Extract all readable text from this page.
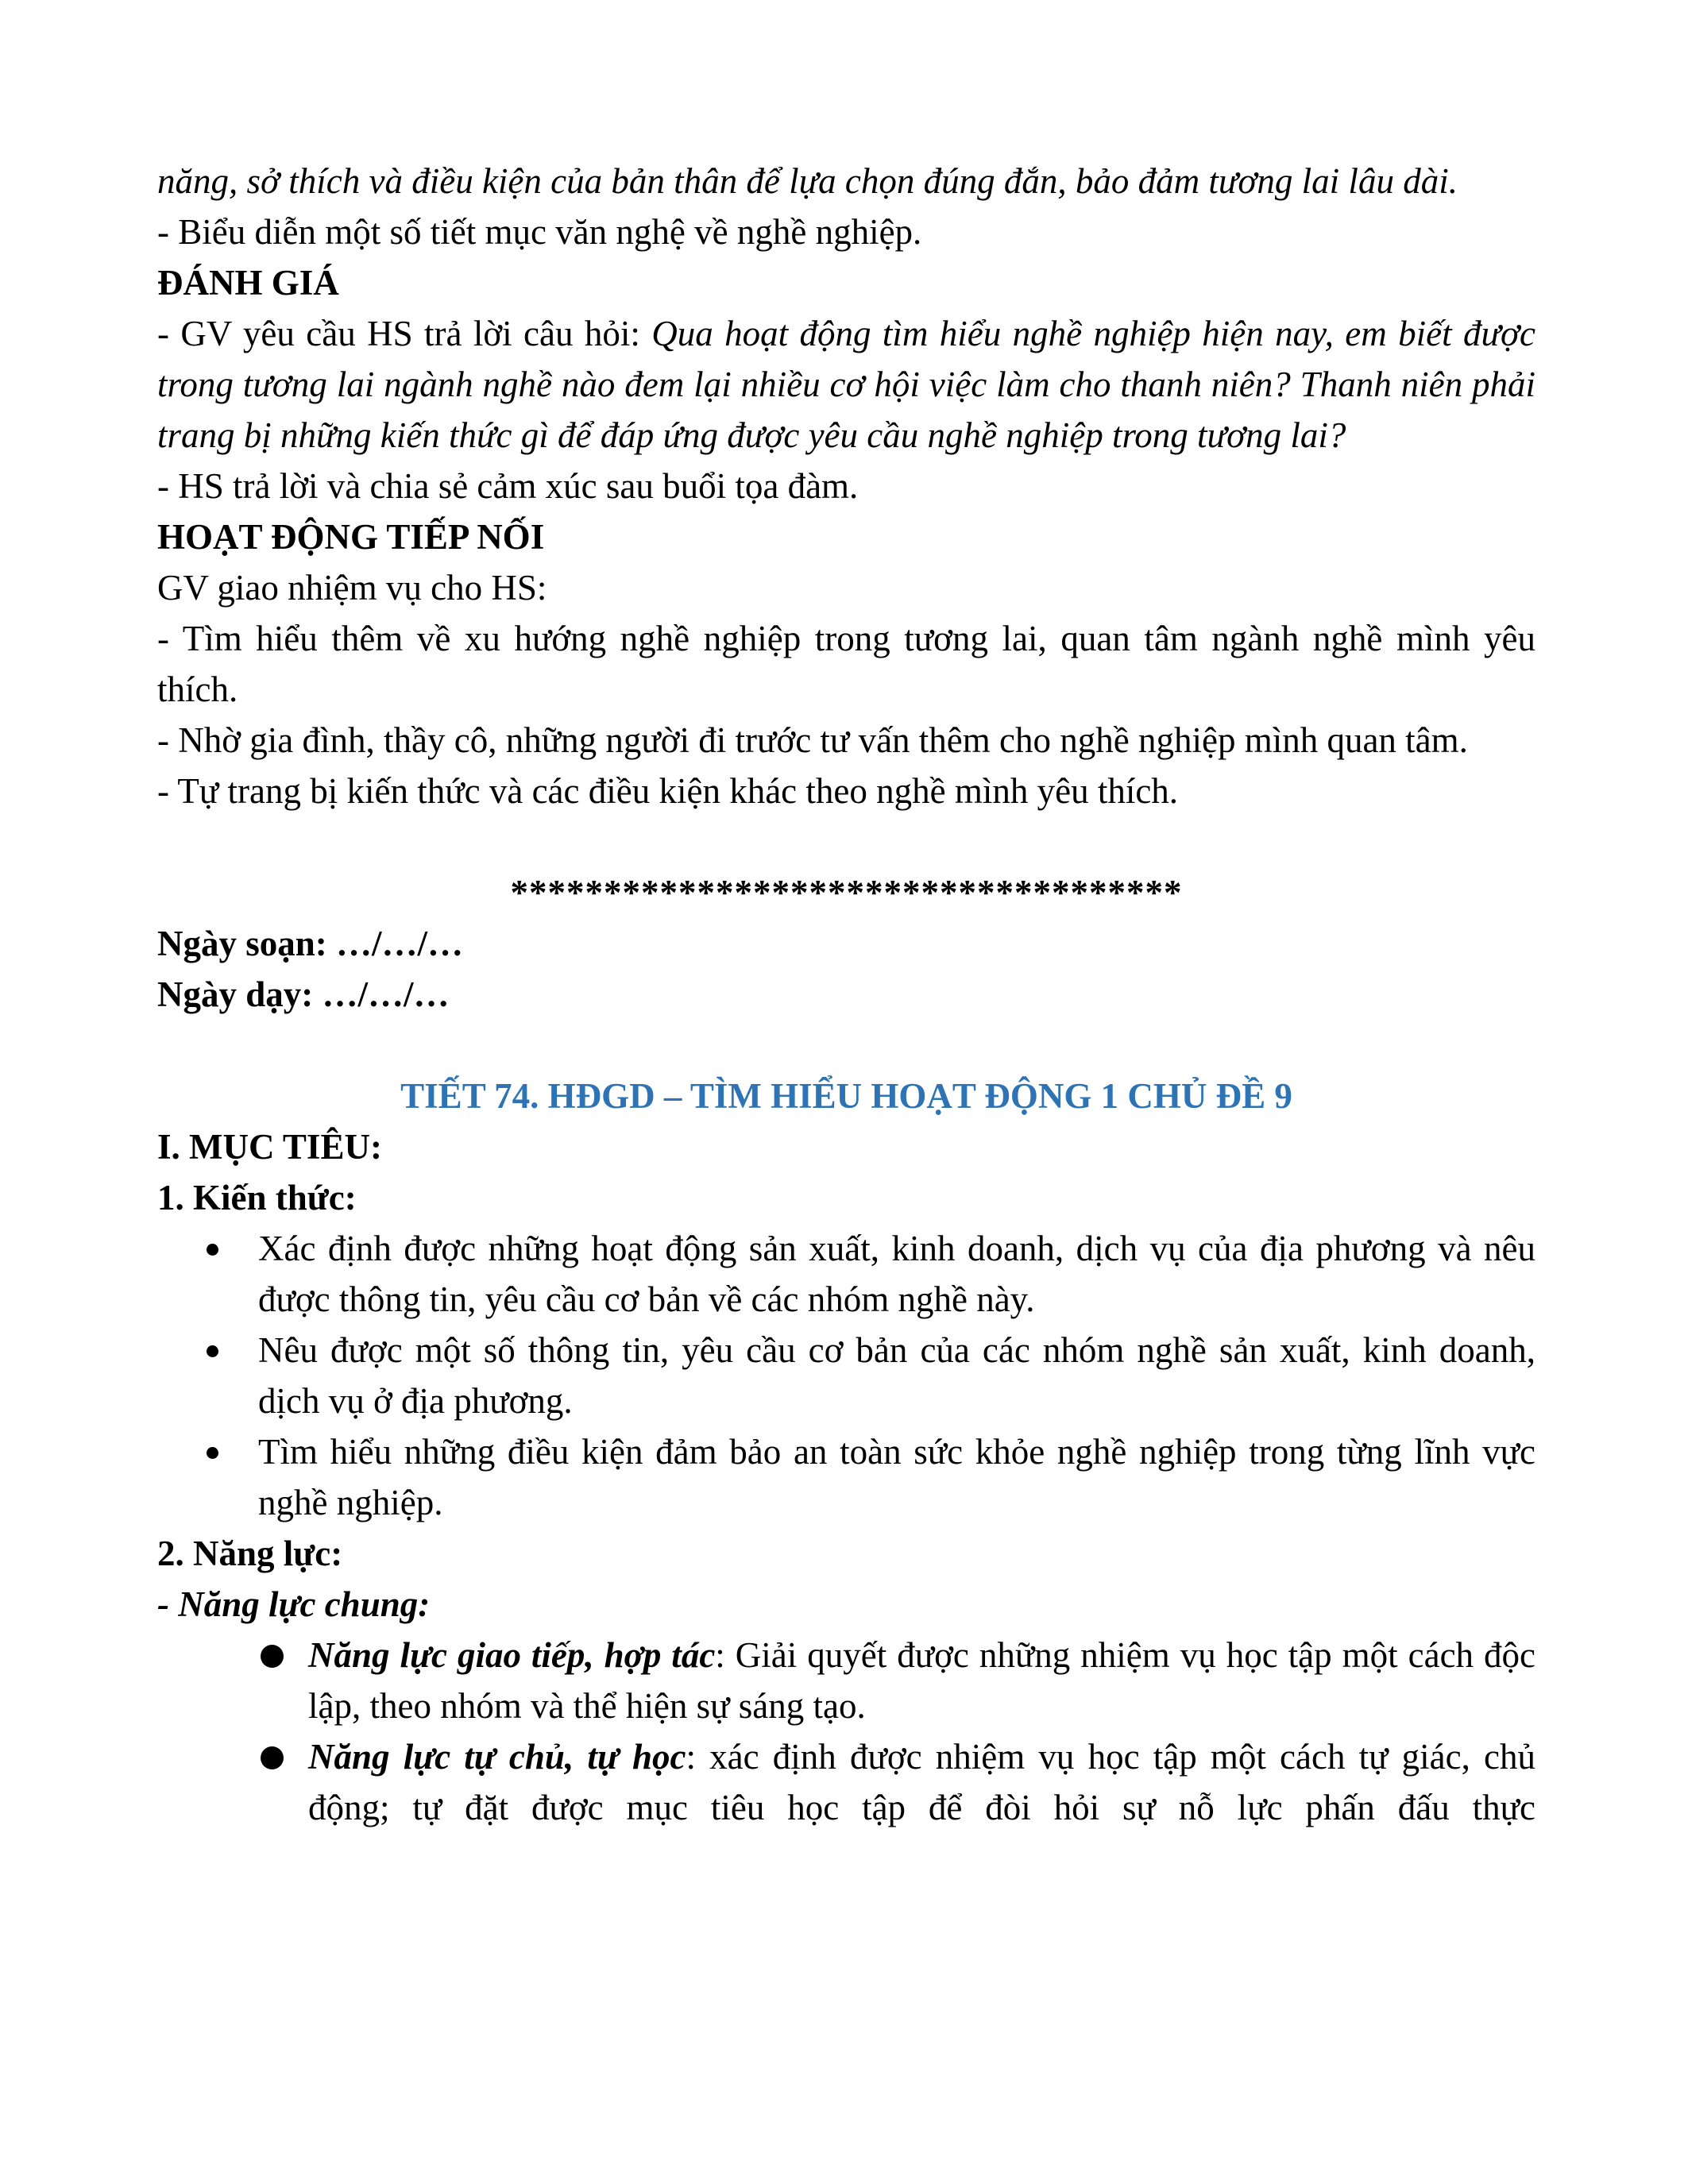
năng, sở thích và điều kiện của bản thân để lựa chọn đúng đắn, bảo đảm tương lai lâu dài.

- Biểu diễn một số tiết mục văn nghệ về nghề nghiệp.

ĐÁNH GIÁ

- GV yêu cầu HS trả lời câu hỏi: Qua hoạt động tìm hiểu nghề nghiệp hiện nay, em biết được trong tương lai ngành nghề nào đem lại nhiều cơ hội việc làm cho thanh niên? Thanh niên phải trang bị những kiến thức gì để đáp ứng được yêu cầu nghề nghiệp trong tương lai?

- HS trả lời và chia sẻ cảm xúc sau buổi tọa đàm.

HOẠT ĐỘNG TIẾP NỐI

GV giao nhiệm vụ cho HS:

- Tìm hiểu thêm về xu hướng nghề nghiệp trong tương lai, quan tâm ngành nghề mình yêu thích.

- Nhờ gia đình, thầy cô, những người đi trước tư vấn thêm cho nghề nghiệp mình quan tâm.

- Tự trang bị kiến thức và các điều kiện khác theo nghề mình yêu thích.

************************************

Ngày soạn: …/…/…

Ngày dạy: …/…/…

TIẾT 74. HĐGD – TÌM HIỂU HOẠT ĐỘNG 1 CHỦ ĐỀ 9

I. MỤC TIÊU:

1. Kiến thức:

Xác định được những hoạt động sản xuất, kinh doanh, dịch vụ của địa phương và nêu được thông tin, yêu cầu cơ bản về các nhóm nghề này.
Nêu được một số thông tin, yêu cầu cơ bản của các nhóm nghề sản xuất, kinh doanh, dịch vụ ở địa phương.
Tìm hiểu những điều kiện đảm bảo an toàn sức khỏe nghề nghiệp trong từng lĩnh vực nghề nghiệp.

2. Năng lực:

- Năng lực chung:

Năng lực giao tiếp, hợp tác: Giải quyết được những nhiệm vụ học tập một cách độc lập, theo nhóm và thể hiện sự sáng tạo.
Năng lực tự chủ, tự học: xác định được nhiệm vụ học tập một cách tự giác, chủ động; tự đặt được mục tiêu học tập để đòi hỏi sự nỗ lực phấn đấu thực
